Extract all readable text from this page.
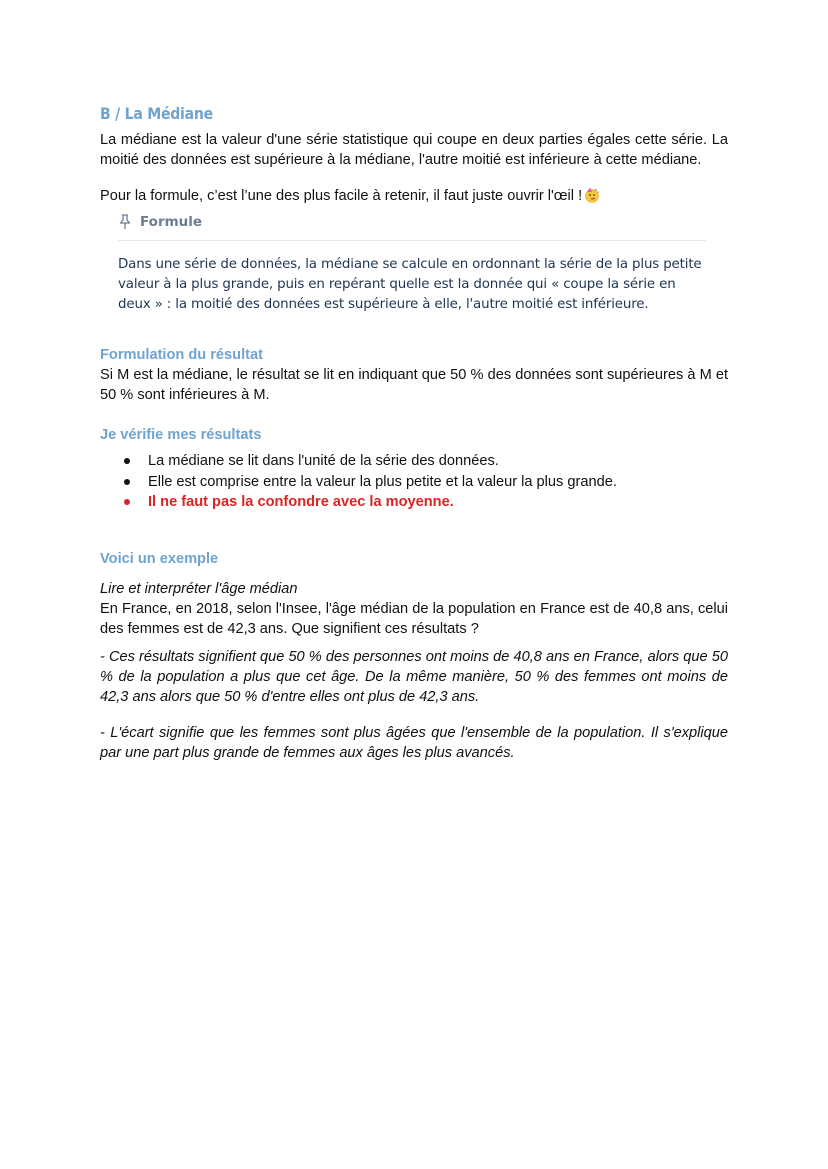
B / La Médiane

La médiane est la valeur d'une série statistique qui coupe en deux parties égales cette série. La moitié des données est supérieure à la médiane, l'autre moitié est inférieure à cette médiane.

Pour la formule, c’est l’une des plus facile à retenir, il faut juste ouvrir l'œil !

Formule

Dans une série de données, la médiane se calcule en ordonnant la série de la plus petite valeur à la plus grande, puis en repérant quelle est la donnée qui « coupe la série en deux » : la moitié des données est supérieure à elle, l'autre moitié est inférieure.

Formulation du résultat

Si M est la médiane, le résultat se lit en indiquant que 50 % des données sont supérieures à M et 50 % sont inférieures à M.

Je vérifie mes résultats
La médiane se lit dans l'unité de la série des données.
Elle est comprise entre la valeur la plus petite et la valeur la plus grande.
Il ne faut pas la confondre avec la moyenne.
Voici un exemple

Lire et interpréter l'âge médian

En France, en 2018, selon l'Insee, l'âge médian de la population en France est de 40,8 ans, celui des femmes est de 42,3 ans. Que signifient ces résultats ?

- Ces résultats signifient que 50 % des personnes ont moins de 40,8 ans en France, alors que 50 % de la population a plus que cet âge. De la même manière, 50 % des femmes ont moins de 42,3 ans alors que 50 % d'entre elles ont plus de 42,3 ans.

- L'écart signifie que les femmes sont plus âgées que l'ensemble de la population. Il s'explique par une part plus grande de femmes aux âges les plus avancés.
